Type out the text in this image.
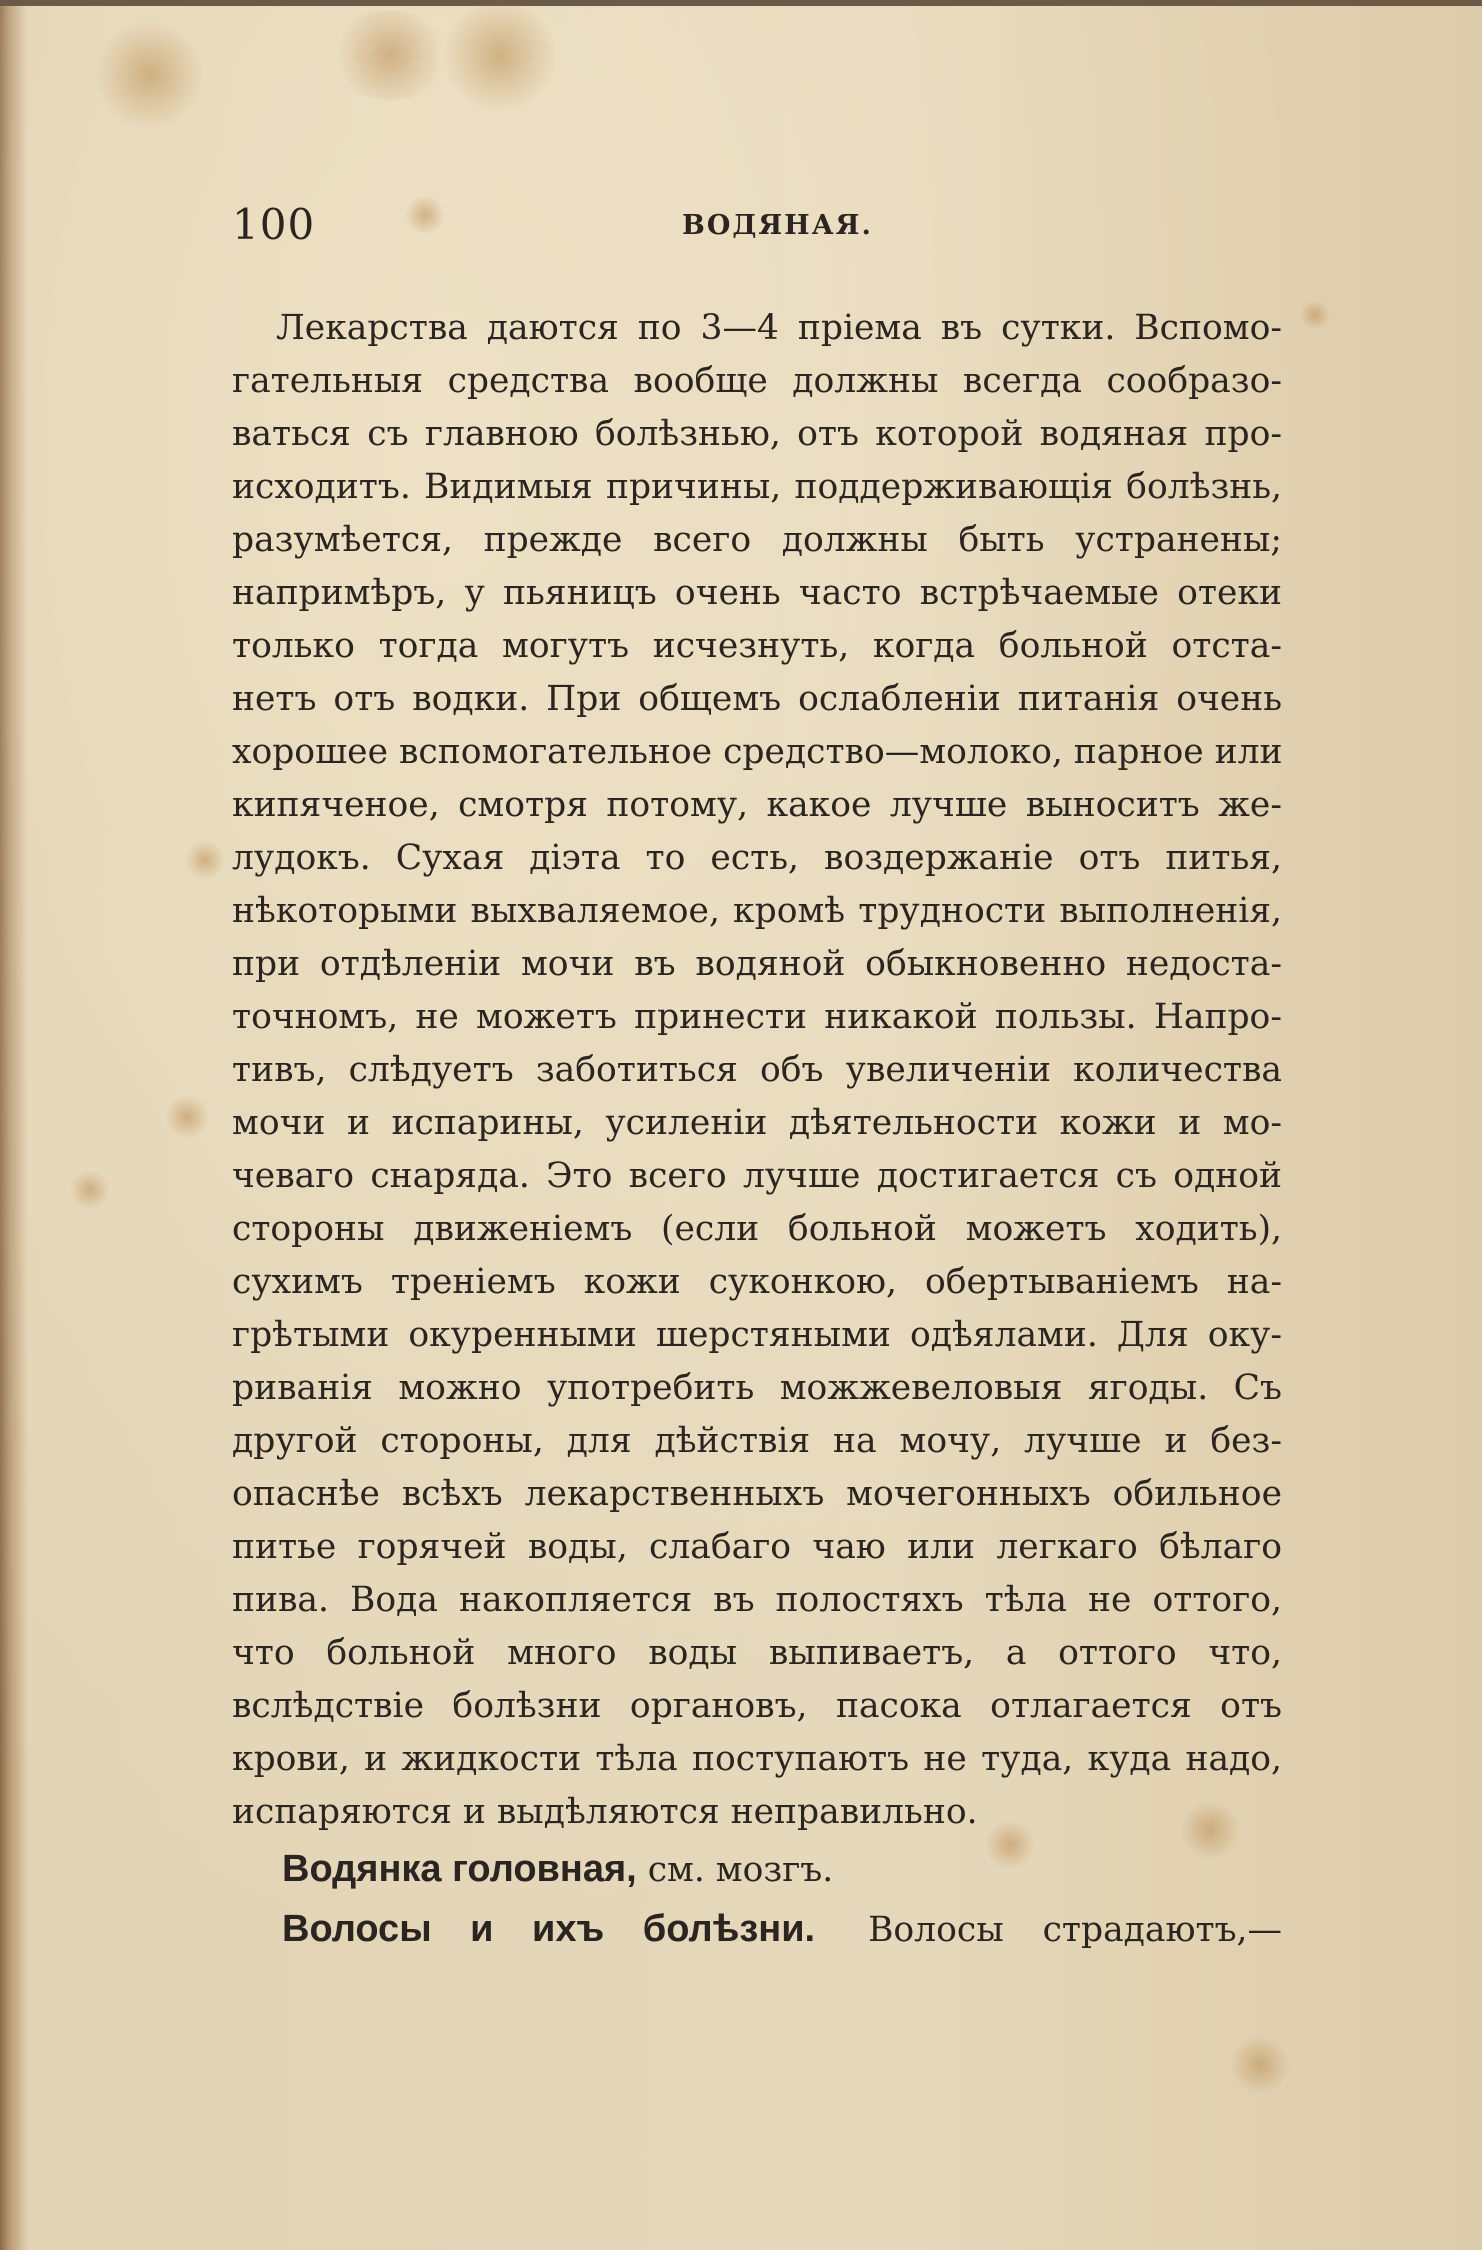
100	ВОДЯНАЯ.
Лекарства даются по 3—4 пріема въ сутки. Вспомо-
гательныя средства вообще должны всегда сообразо-
ваться съ главною болѣзнью, отъ которой водяная про-
исходитъ. Видимыя причины, поддерживающія болѣзнь,
разумѣется, прежде всего должны быть устранены;
напримѣръ, у пьяницъ очень часто встрѣчаемые отеки
только тогда могутъ исчезнуть, когда больной отста-
нетъ отъ водки. При общемъ ослабленіи питанія очень
хорошее вспомогательное средство—молоко, парное или
кипяченое, смотря потому, какое лучше выноситъ же-
лудокъ. Сухая діэта то есть, воздержаніе отъ питья,
нѣкоторыми выхваляемое, кромѣ трудности выполненія,
при отдѣленіи мочи въ водяной обыкновенно недоста-
точномъ, не можетъ принести никакой пользы. Напро-
тивъ, слѣдуетъ заботиться объ увеличеніи количества
мочи и испарины, усиленіи дѣятельности кожи и мо-
чеваго снаряда. Это всего лучше достигается съ одной
стороны движеніемъ (если больной можетъ ходить),
сухимъ треніемъ кожи суконкою, обертываніемъ на-
грѣтыми окуренными шерстяными одѣялами. Для оку-
риванія можно употребить можжевеловыя ягоды. Съ
другой стороны, для дѣйствія на мочу, лучше и без-
опаснѣе всѣхъ лекарственныхъ мочегонныхъ обильное
питье горячей воды, слабаго чаю или легкаго бѣлаго
пива. Вода накопляется въ полостяхъ тѣла не оттого,
что больной много воды выпиваетъ, а оттого что,
вслѣдствіе болѣзни органовъ, пасока отлагается отъ
крови, и жидкости тѣла поступаютъ не туда, куда надо,
испаряются и выдѣляются неправильно.
Водянка головная, см. мозгъ.
Волосы и ихъ болѣзни. Волосы страдаютъ,—
